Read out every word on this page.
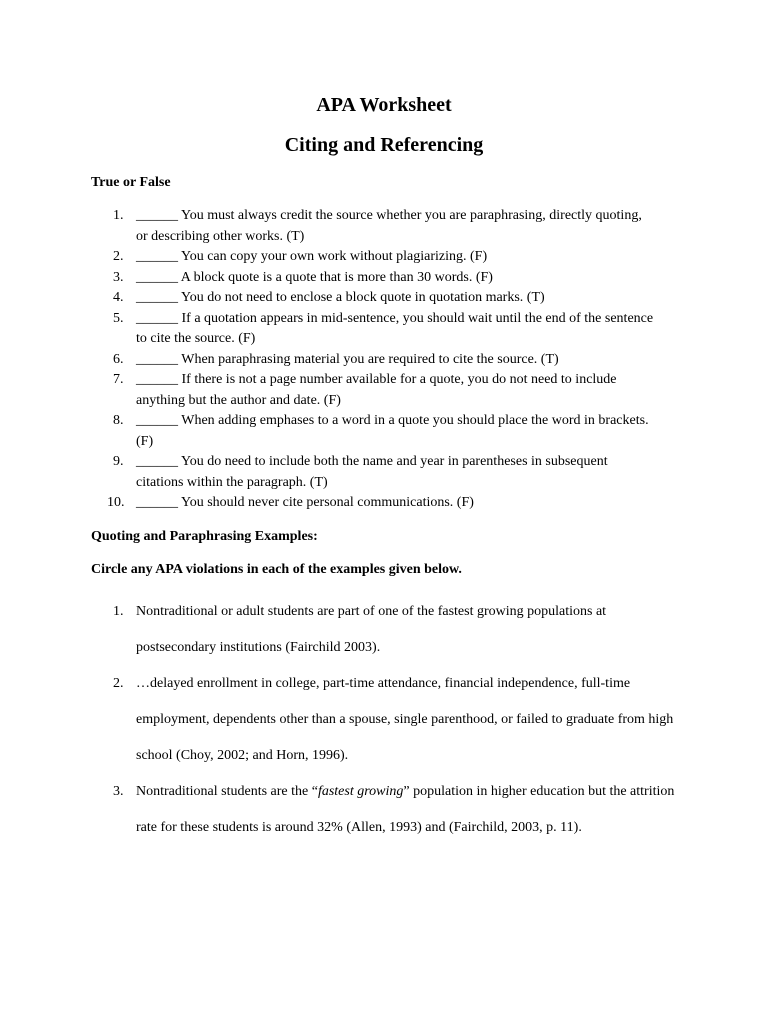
APA Worksheet
Citing and Referencing
True or False
1. ______ You must always credit the source whether you are paraphrasing, directly quoting, or describing other works. (T)
2. ______ You can copy your own work without plagiarizing. (F)
3. ______ A block quote is a quote that is more than 30 words. (F)
4. ______ You do not need to enclose a block quote in quotation marks. (T)
5. ______ If a quotation appears in mid-sentence, you should wait until the end of the sentence to cite the source. (F)
6. ______ When paraphrasing material you are required to cite the source. (T)
7. ______ If there is not a page number available for a quote, you do not need to include anything but the author and date. (F)
8. ______ When adding emphases to a word in a quote you should place the word in brackets. (F)
9. ______ You do need to include both the name and year in parentheses in subsequent citations within the paragraph. (T)
10. ______ You should never cite personal communications. (F)
Quoting and Paraphrasing Examples:
Circle any APA violations in each of the examples given below.
1. Nontraditional or adult students are part of one of the fastest growing populations at postsecondary institutions (Fairchild 2003).
2. …delayed enrollment in college, part-time attendance, financial independence, full-time employment, dependents other than a spouse, single parenthood, or failed to graduate from high school (Choy, 2002; and Horn, 1996).
3. Nontraditional students are the “fastest growing” population in higher education but the attrition rate for these students is around 32% (Allen, 1993) and (Fairchild, 2003, p. 11).
